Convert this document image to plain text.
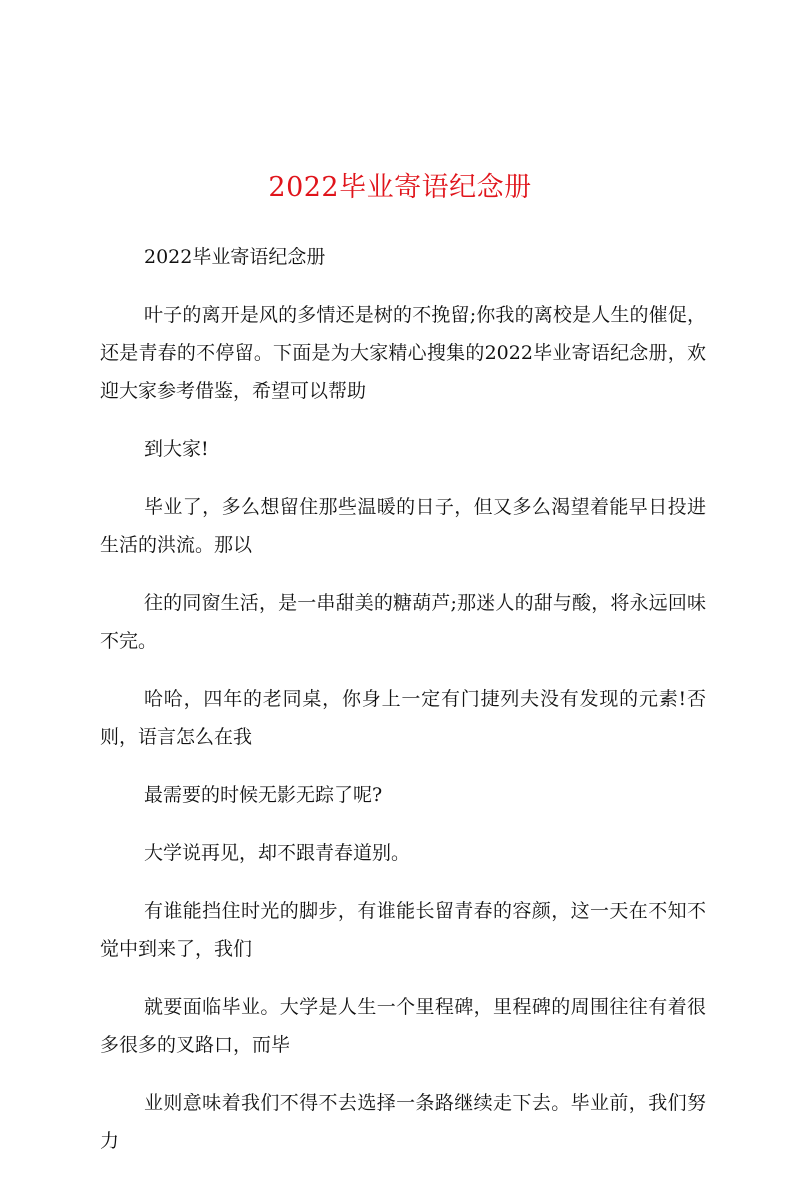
2022毕业寄语纪念册

2022毕业寄语纪念册

叶子的离开是风的多情还是树的不挽留;你我的离校是人生的催促，还是青春的不停留。下面是为大家精心搜集的2022毕业寄语纪念册，欢迎大家参考借鉴，希望可以帮助

到大家!

毕业了，多么想留住那些温暖的日子，但又多么渴望着能早日投进生活的洪流。那以

往的同窗生活，是一串甜美的糖葫芦;那迷人的甜与酸，将永远回味不完。

哈哈，四年的老同桌，你身上一定有门捷列夫没有发现的元素!否则，语言怎么在我

最需要的时候无影无踪了呢?

大学说再见，却不跟青春道别。

有谁能挡住时光的脚步，有谁能长留青春的容颜，这一天在不知不觉中到来了，我们

就要面临毕业。大学是人生一个里程碑，里程碑的周围往往有着很多很多的叉路口，而毕

业则意味着我们不得不去选择一条路继续走下去。毕业前，我们努力
